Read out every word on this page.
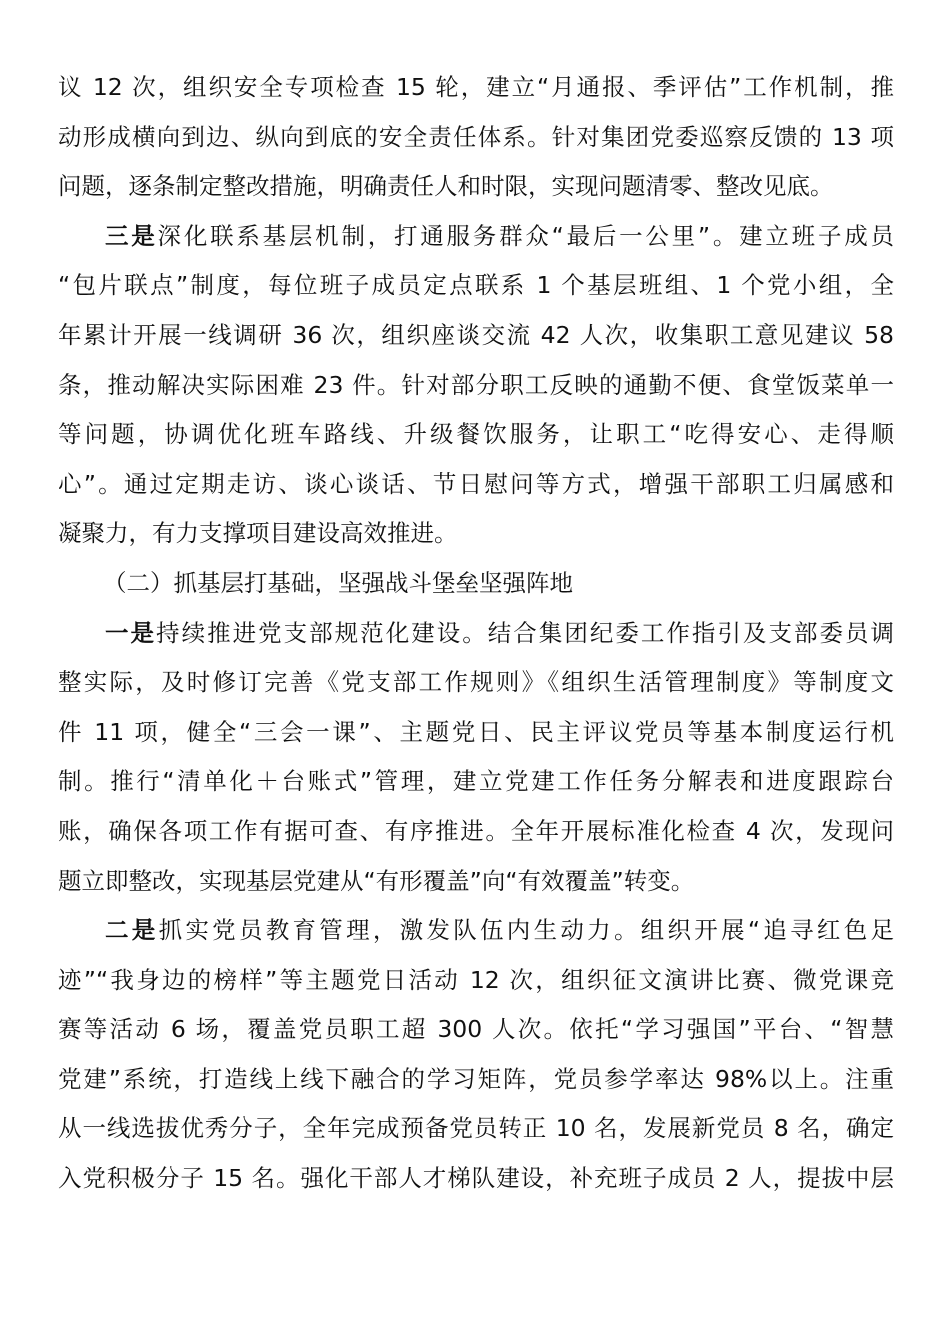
议 12 次，组织安全专项检查 15 轮，建立“月通报、季评估”工作机制，推
动形成横向到边、纵向到底的安全责任体系。针对集团党委巡察反馈的 13 项
问题，逐条制定整改措施，明确责任人和时限，实现问题清零、整改见底。
三是深化联系基层机制，打通服务群众“最后一公里”。建立班子成员
“包片联点”制度，每位班子成员定点联系 1 个基层班组、1 个党小组，全
年累计开展一线调研 36 次，组织座谈交流 42 人次，收集职工意见建议 58
条，推动解决实际困难 23 件。针对部分职工反映的通勤不便、食堂饭菜单一
等问题，协调优化班车路线、升级餐饮服务，让职工“吃得安心、走得顺
心”。通过定期走访、谈心谈话、节日慰问等方式，增强干部职工归属感和
凝聚力，有力支撑项目建设高效推进。
（二）抓基层打基础，坚强战斗堡垒坚强阵地
一是持续推进党支部规范化建设。结合集团纪委工作指引及支部委员调
整实际，及时修订完善《党支部工作规则》《组织生活管理制度》等制度文
件 11 项，健全“三会一课”、主题党日、民主评议党员等基本制度运行机
制。推行“清单化＋台账式”管理，建立党建工作任务分解表和进度跟踪台
账，确保各项工作有据可查、有序推进。全年开展标准化检查 4 次，发现问
题立即整改，实现基层党建从“有形覆盖”向“有效覆盖”转变。
二是抓实党员教育管理，激发队伍内生动力。组织开展“追寻红色足
迹”“我身边的榜样”等主题党日活动 12 次，组织征文演讲比赛、微党课竞
赛等活动 6 场，覆盖党员职工超 300 人次。依托“学习强国”平台、“智慧
党建”系统，打造线上线下融合的学习矩阵，党员参学率达 98%以上。注重
从一线选拔优秀分子，全年完成预备党员转正 10 名，发展新党员 8 名，确定
入党积极分子 15 名。强化干部人才梯队建设，补充班子成员 2 人，提拔中层
